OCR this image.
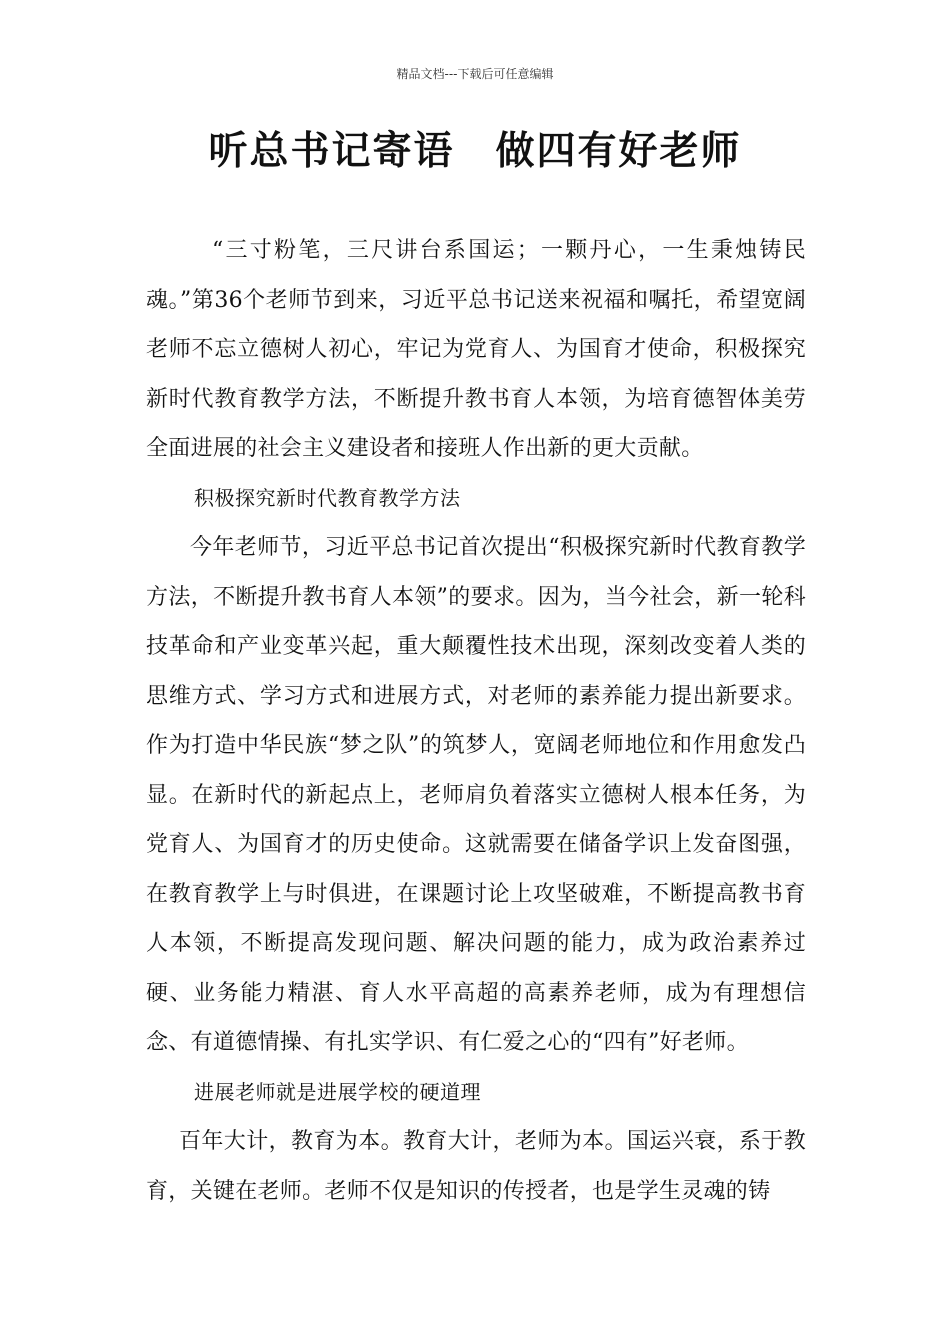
精品文档---下载后可任意编辑
听总书记寄语　做四有好老师

“三寸粉笔，三尺讲台系国运；一颗丹心，一生秉烛铸民魂。”第36个老师节到来，习近平总书记送来祝福和嘱托，希望宽阔老师不忘立德树人初心，牢记为党育人、为国育才使命，积极探究新时代教育教学方法，不断提升教书育人本领，为培育德智体美劳全面进展的社会主义建设者和接班人作出新的更大贡献。

积极探究新时代教育教学方法

今年老师节，习近平总书记首次提出“积极探究新时代教育教学方法，不断提升教书育人本领”的要求。因为，当今社会，新一轮科技革命和产业变革兴起，重大颠覆性技术出现，深刻改变着人类的思维方式、学习方式和进展方式，对老师的素养能力提出新要求。作为打造中华民族“梦之队”的筑梦人，宽阔老师地位和作用愈发凸显。在新时代的新起点上，老师肩负着落实立德树人根本任务，为党育人、为国育才的历史使命。这就需要在储备学识上发奋图强，在教育教学上与时俱进，在课题讨论上攻坚破难，不断提高教书育人本领，不断提高发现问题、解决问题的能力，成为政治素养过硬、业务能力精湛、育人水平高超的高素养老师，成为有理想信念、有道德情操、有扎实学识、有仁爱之心的“四有”好老师。

进展老师就是进展学校的硬道理

百年大计，教育为本。教育大计，老师为本。国运兴衰，系于教育，关键在老师。老师不仅是知识的传授者，也是学生灵魂的铸
